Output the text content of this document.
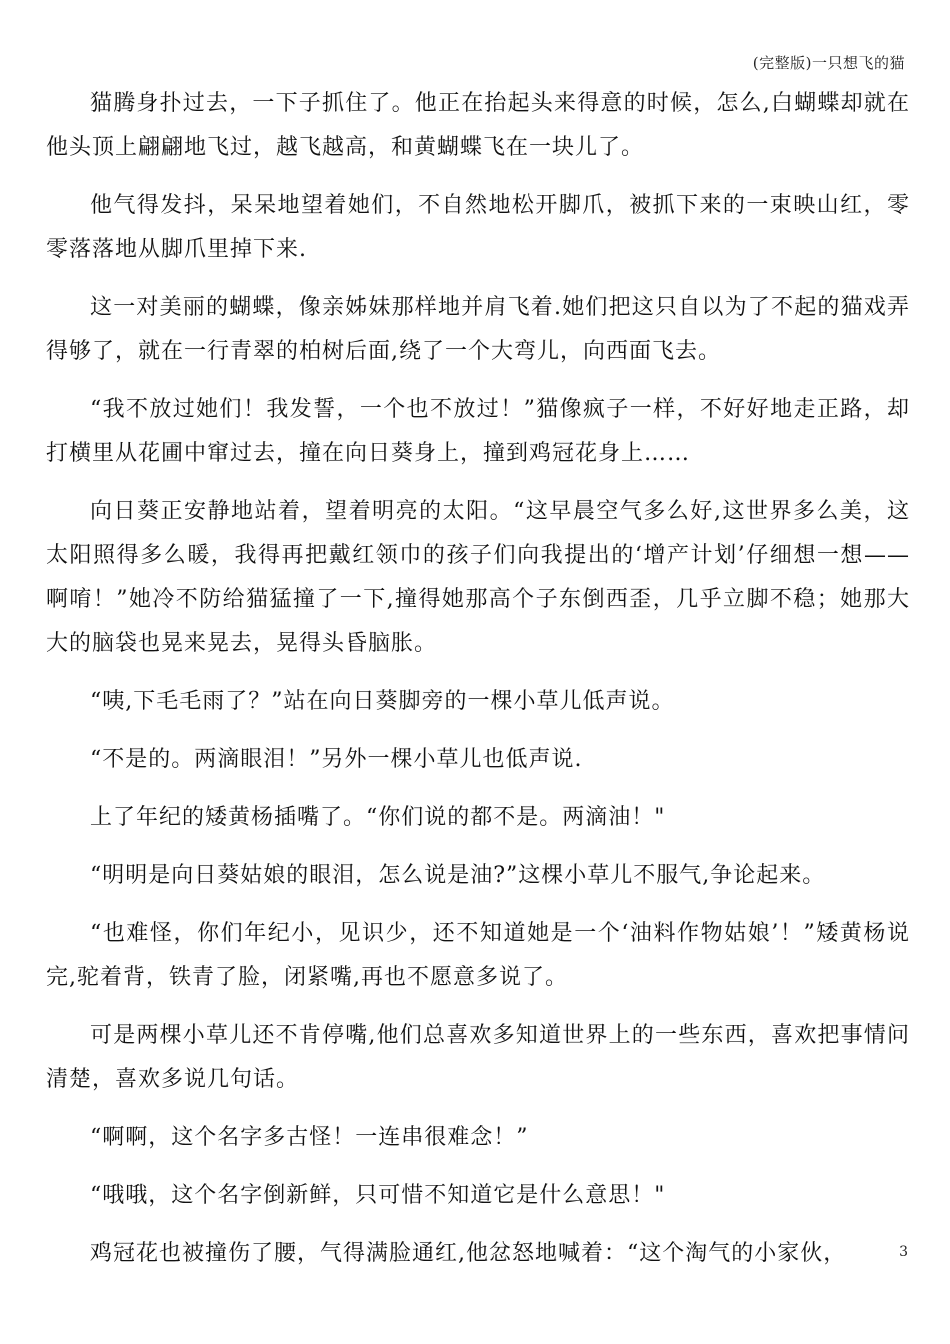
(完整版)一只想飞的猫

猫腾身扑过去，一下子抓住了。他正在抬起头来得意的时候，怎么,白蝴蝶却就在他头顶上翩翩地飞过，越飞越高，和黄蝴蝶飞在一块儿了。

他气得发抖，呆呆地望着她们，不自然地松开脚爪，被抓下来的一束映山红，零零落落地从脚爪里掉下来.

这一对美丽的蝴蝶，像亲姊妹那样地并肩飞着.她们把这只自以为了不起的猫戏弄得够了，就在一行青翠的柏树后面,绕了一个大弯儿，向西面飞去。

“我不放过她们！我发誓，一个也不放过！”猫像疯子一样，不好好地走正路，却打横里从花圃中窜过去，撞在向日葵身上，撞到鸡冠花身上……

向日葵正安静地站着，望着明亮的太阳。“这早晨空气多么好,这世界多么美，这太阳照得多么暖，我得再把戴红领巾的孩子们向我提出的‘增产计划’仔细想一想——啊唷！”她冷不防给猫猛撞了一下,撞得她那高个子东倒西歪，几乎立脚不稳；她那大大的脑袋也晃来晃去，晃得头昏脑胀。

“咦,下毛毛雨了？”站在向日葵脚旁的一棵小草儿低声说。

“不是的。两滴眼泪！”另外一棵小草儿也低声说.

上了年纪的矮黄杨插嘴了。“你们说的都不是。两滴油！"

“明明是向日葵姑娘的眼泪，怎么说是油?”这棵小草儿不服气,争论起来。

“也难怪，你们年纪小，见识少，还不知道她是一个‘油料作物姑娘’！”矮黄杨说完,驼着背，铁青了脸，闭紧嘴,再也不愿意多说了。

可是两棵小草儿还不肯停嘴,他们总喜欢多知道世界上的一些东西，喜欢把事情问清楚，喜欢多说几句话。

“啊啊，这个名字多古怪！一连串很难念！”

“哦哦，这个名字倒新鲜，只可惜不知道它是什么意思！"

鸡冠花也被撞伤了腰，气得满脸通红,他忿怒地喊着：“这个淘气的小家伙，	3
